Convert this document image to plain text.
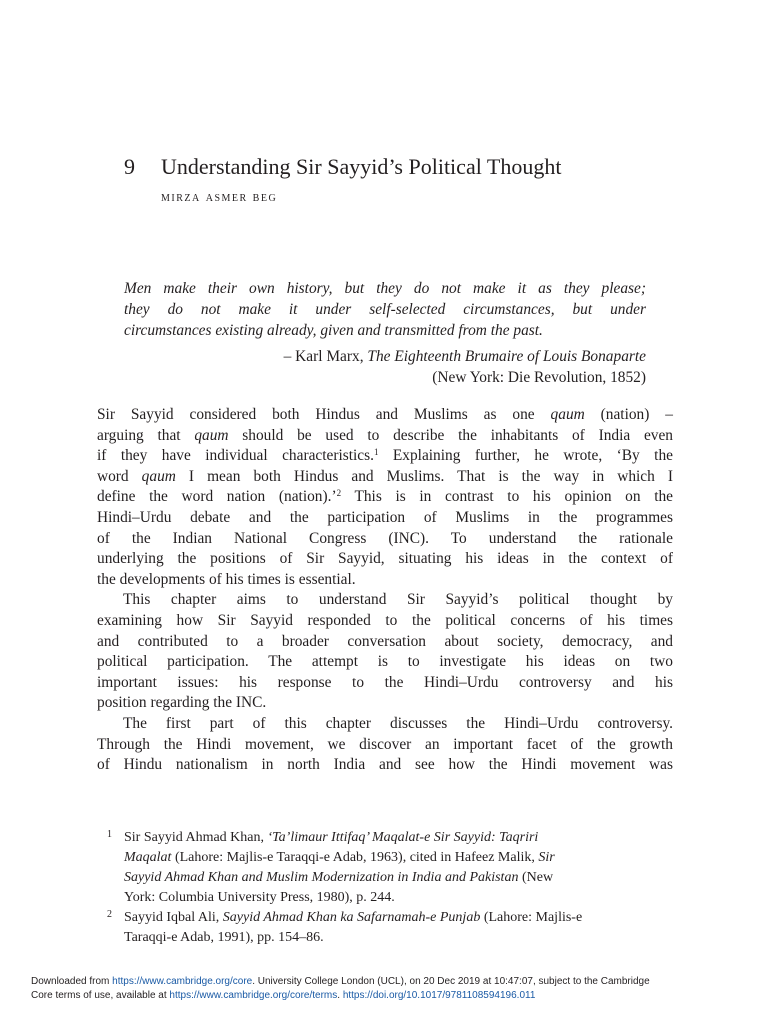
9 Understanding Sir Sayyid’s Political Thought
mirza asmer beg

Men make their own history, but they do not make it as they please;
they do not make it under self-selected circumstances, but under
circumstances existing already, given and transmitted from the past.

– Karl Marx, The Eighteenth Brumaire of Louis Bonaparte
(New York: Die Revolution, 1852)

Sir Sayyid considered both Hindus and Muslims as one qaum (nation) –
arguing that qaum should be used to describe the inhabitants of India even
if they have individual characteristics.$^1$ Explaining further, he wrote, ‘By the
word qaum I mean both Hindus and Muslims. That is the way in which I
define the word nation (nation).’$^2$ This is in contrast to his opinion on the
Hindi–Urdu debate and the participation of Muslims in the programmes
of the Indian National Congress (INC). To understand the rationale
underlying the positions of Sir Sayyid, situating his ideas in the context of
the developments of his times is essential.

This chapter aims to understand Sir Sayyid’s political thought by
examining how Sir Sayyid responded to the political concerns of his times
and contributed to a broader conversation about society, democracy, and
political participation. The attempt is to investigate his ideas on two
important issues: his response to the Hindi–Urdu controversy and his
position regarding the INC.

The first part of this chapter discusses the Hindi–Urdu controversy.
Through the Hindi movement, we discover an important facet of the growth
of Hindu nationalism in north India and see how the Hindi movement was

1 Sir Sayyid Ahmad Khan, ‘Ta’limaur Ittifaq’ Maqalat-e Sir Sayyid: Taqriri
Maqalat (Lahore: Majlis-e Taraqqi-e Adab, 1963), cited in Hafeez Malik, Sir
Sayyid Ahmad Khan and Muslim Modernization in India and Pakistan (New
York: Columbia University Press, 1980), p. 244.
2 Sayyid Iqbal Ali, Sayyid Ahmad Khan ka Safarnamah-e Punjab (Lahore: Majlis-e
Taraqqi-e Adab, 1991), pp. 154–86.
Downloaded from https://www.cambridge.org/core. University College London (UCL), on 20 Dec 2019 at 10:47:07, subject to the Cambridge
Core terms of use, available at https://www.cambridge.org/core/terms. https://doi.org/10.1017/9781108594196.011
